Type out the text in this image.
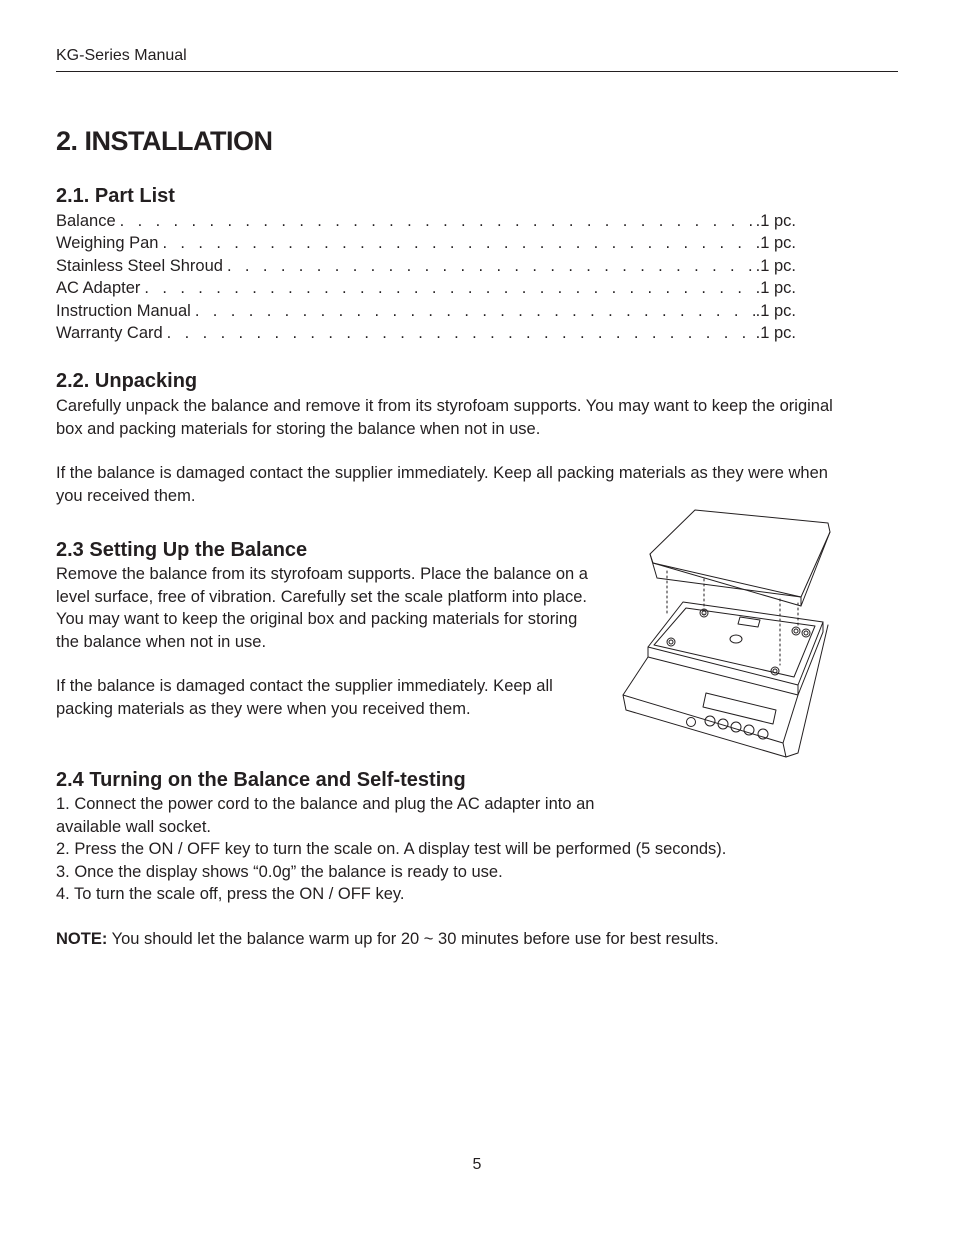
KG-Series Manual
2. INSTALLATION
2.1. Part List
Balance . . .	.1 pc.
Weighing Pan . . .	.1 pc.
Stainless Steel Shroud . . .	.1 pc.
AC Adapter . . .	.1 pc.
Instruction Manual . . .	.1 pc.
Warranty Card . . .	.1 pc.
2.2. Unpacking

Carefully unpack the balance and remove it from its styrofoam supports. You may want to keep the original
box and packing materials for storing the balance when not in use.

If the balance is damaged contact the supplier immediately. Keep all packing materials as they were when
you received them.

2.3 Setting Up the Balance

Remove the balance from its styrofoam supports. Place the balance on a
level surface, free of vibration. Carefully set the scale platform into place.
You may want to keep the original box and packing materials for storing
the balance when not in use.

If the balance is damaged contact the supplier immediately. Keep all
packing materials as they were when you received them.

2.4 Turning on the Balance and Self-testing

1. Connect the power cord to the balance and plug the AC adapter into an
available wall socket.
2. Press the ON / OFF key to turn the scale on. A display test will be performed (5 seconds).
3. Once the display shows “0.0g” the balance is ready to use.
4. To turn the scale off, press the ON / OFF key.

NOTE: You should let the balance warm up for 20 ~ 30 minutes before use for best results.

5
